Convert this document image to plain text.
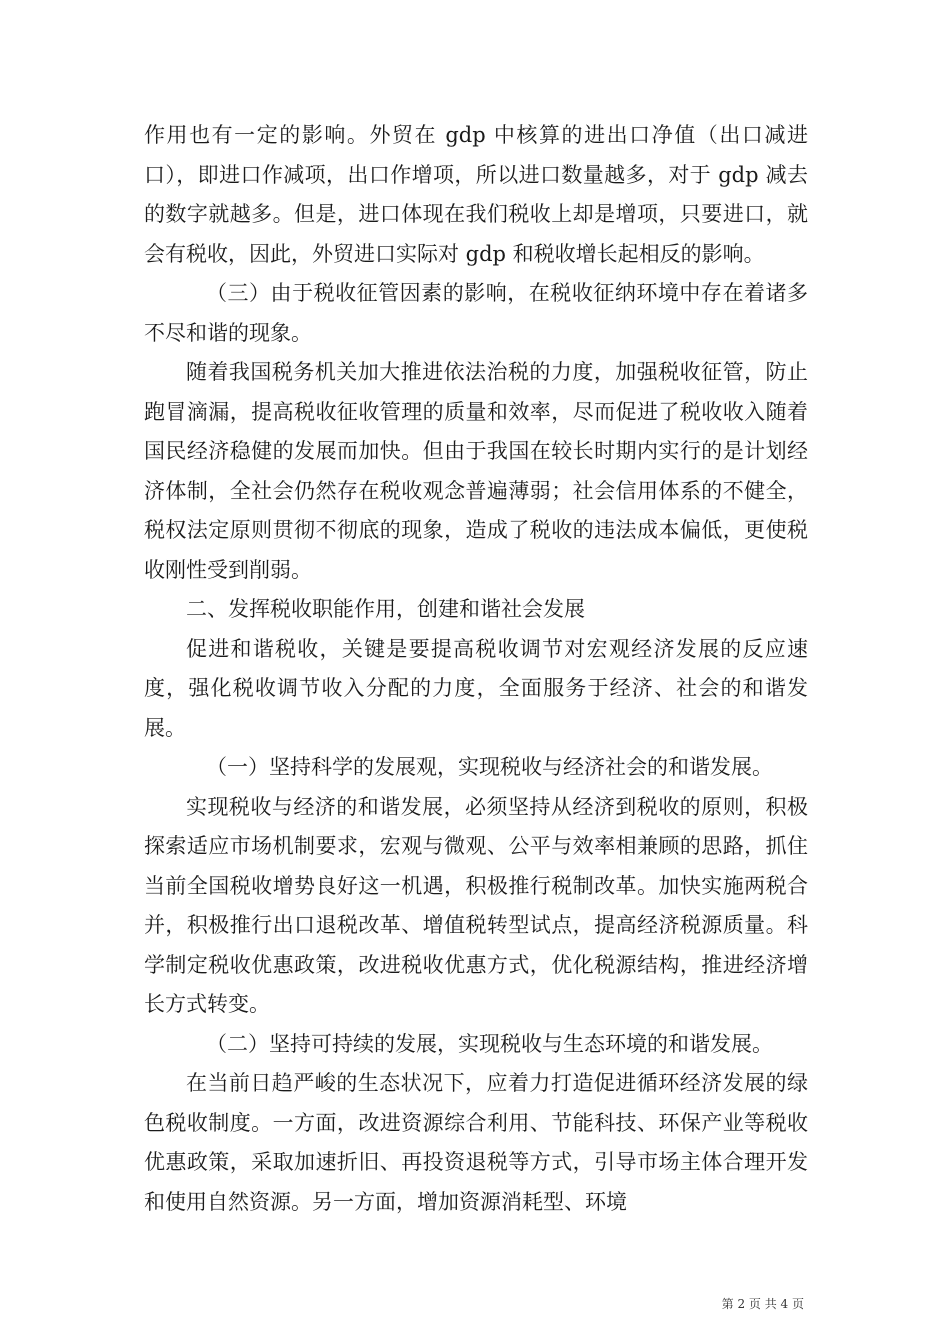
作用也有一定的影响。外贸在 gdp 中核算的进出口净值（出口减进口），即进口作减项，出口作增项，所以进口数量越多，对于 gdp 减去的数字就越多。但是，进口体现在我们税收上却是增项，只要进口，就会有税收，因此，外贸进口实际对 gdp 和税收增长起相反的影响。

（三）由于税收征管因素的影响，在税收征纳环境中存在着诸多不尽和谐的现象。

随着我国税务机关加大推进依法治税的力度，加强税收征管，防止跑冒滴漏，提高税收征收管理的质量和效率，尽而促进了税收收入随着国民经济稳健的发展而加快。但由于我国在较长时期内实行的是计划经济体制，全社会仍然存在税收观念普遍薄弱；社会信用体系的不健全，税权法定原则贯彻不彻底的现象，造成了税收的违法成本偏低，更使税收刚性受到削弱。

二、发挥税收职能作用，创建和谐社会发展

促进和谐税收，关键是要提高税收调节对宏观经济发展的反应速度，强化税收调节收入分配的力度，全面服务于经济、社会的和谐发展。

（一）坚持科学的发展观，实现税收与经济社会的和谐发展。

实现税收与经济的和谐发展，必须坚持从经济到税收的原则，积极探索适应市场机制要求，宏观与微观、公平与效率相兼顾的思路，抓住当前全国税收增势良好这一机遇，积极推行税制改革。加快实施两税合并，积极推行出口退税改革、增值税转型试点，提高经济税源质量。科学制定税收优惠政策，改进税收优惠方式，优化税源结构，推进经济增长方式转变。

（二）坚持可持续的发展，实现税收与生态环境的和谐发展。

在当前日趋严峻的生态状况下，应着力打造促进循环经济发展的绿色税收制度。一方面，改进资源综合利用、节能科技、环保产业等税收优惠政策，采取加速折旧、再投资退税等方式，引导市场主体合理开发和使用自然资源。另一方面，增加资源消耗型、环境

第 2 页 共 4 页
